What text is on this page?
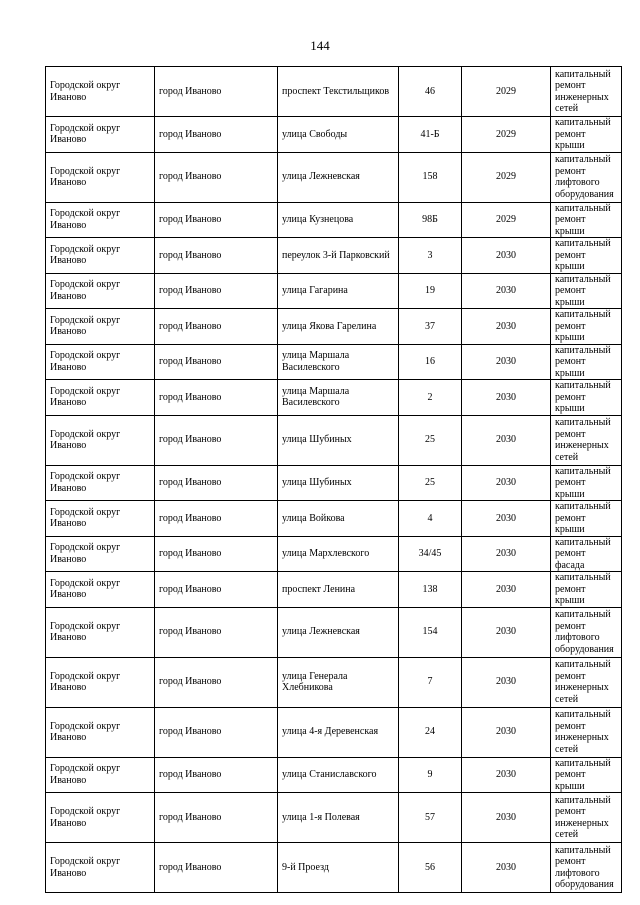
144
Городской округ Иваново	город Иваново	проспект Текстильщиков	46	2029	капитальный ремонт инженерных сетей
Городской округ Иваново	город Иваново	улица Свободы	41-Б	2029	капитальный ремонт крыши
Городской округ Иваново	город Иваново	улица Лежневская	158	2029	капитальный ремонт лифтового оборудования
Городской округ Иваново	город Иваново	улица Кузнецова	98Б	2029	капитальный ремонт крыши
Городской округ Иваново	город Иваново	переулок 3-й Парковский	3	2030	капитальный ремонт крыши
Городской округ Иваново	город Иваново	улица Гагарина	19	2030	капитальный ремонт крыши
Городской округ Иваново	город Иваново	улица Якова Гарелина	37	2030	капитальный ремонт крыши
Городской округ Иваново	город Иваново	улица Маршала Василевского	16	2030	капитальный ремонт крыши
Городской округ Иваново	город Иваново	улица Маршала Василевского	2	2030	капитальный ремонт крыши
Городской округ Иваново	город Иваново	улица Шубиных	25	2030	капитальный ремонт инженерных сетей
Городской округ Иваново	город Иваново	улица Шубиных	25	2030	капитальный ремонт крыши
Городской округ Иваново	город Иваново	улица Войкова	4	2030	капитальный ремонт крыши
Городской округ Иваново	город Иваново	улица Мархлевского	34/45	2030	капитальный ремонт фасада
Городской округ Иваново	город Иваново	проспект Ленина	138	2030	капитальный ремонт крыши
Городской округ Иваново	город Иваново	улица Лежневская	154	2030	капитальный ремонт лифтового оборудования
Городской округ Иваново	город Иваново	улица Генерала Хлебникова	7	2030	капитальный ремонт инженерных сетей
Городской округ Иваново	город Иваново	улица 4-я Деревенская	24	2030	капитальный ремонт инженерных сетей
Городской округ Иваново	город Иваново	улица Станиславского	9	2030	капитальный ремонт крыши
Городской округ Иваново	город Иваново	улица 1-я Полевая	57	2030	капитальный ремонт инженерных сетей
Городской округ Иваново	город Иваново	9-й Проезд	56	2030	капитальный ремонт лифтового оборудования
